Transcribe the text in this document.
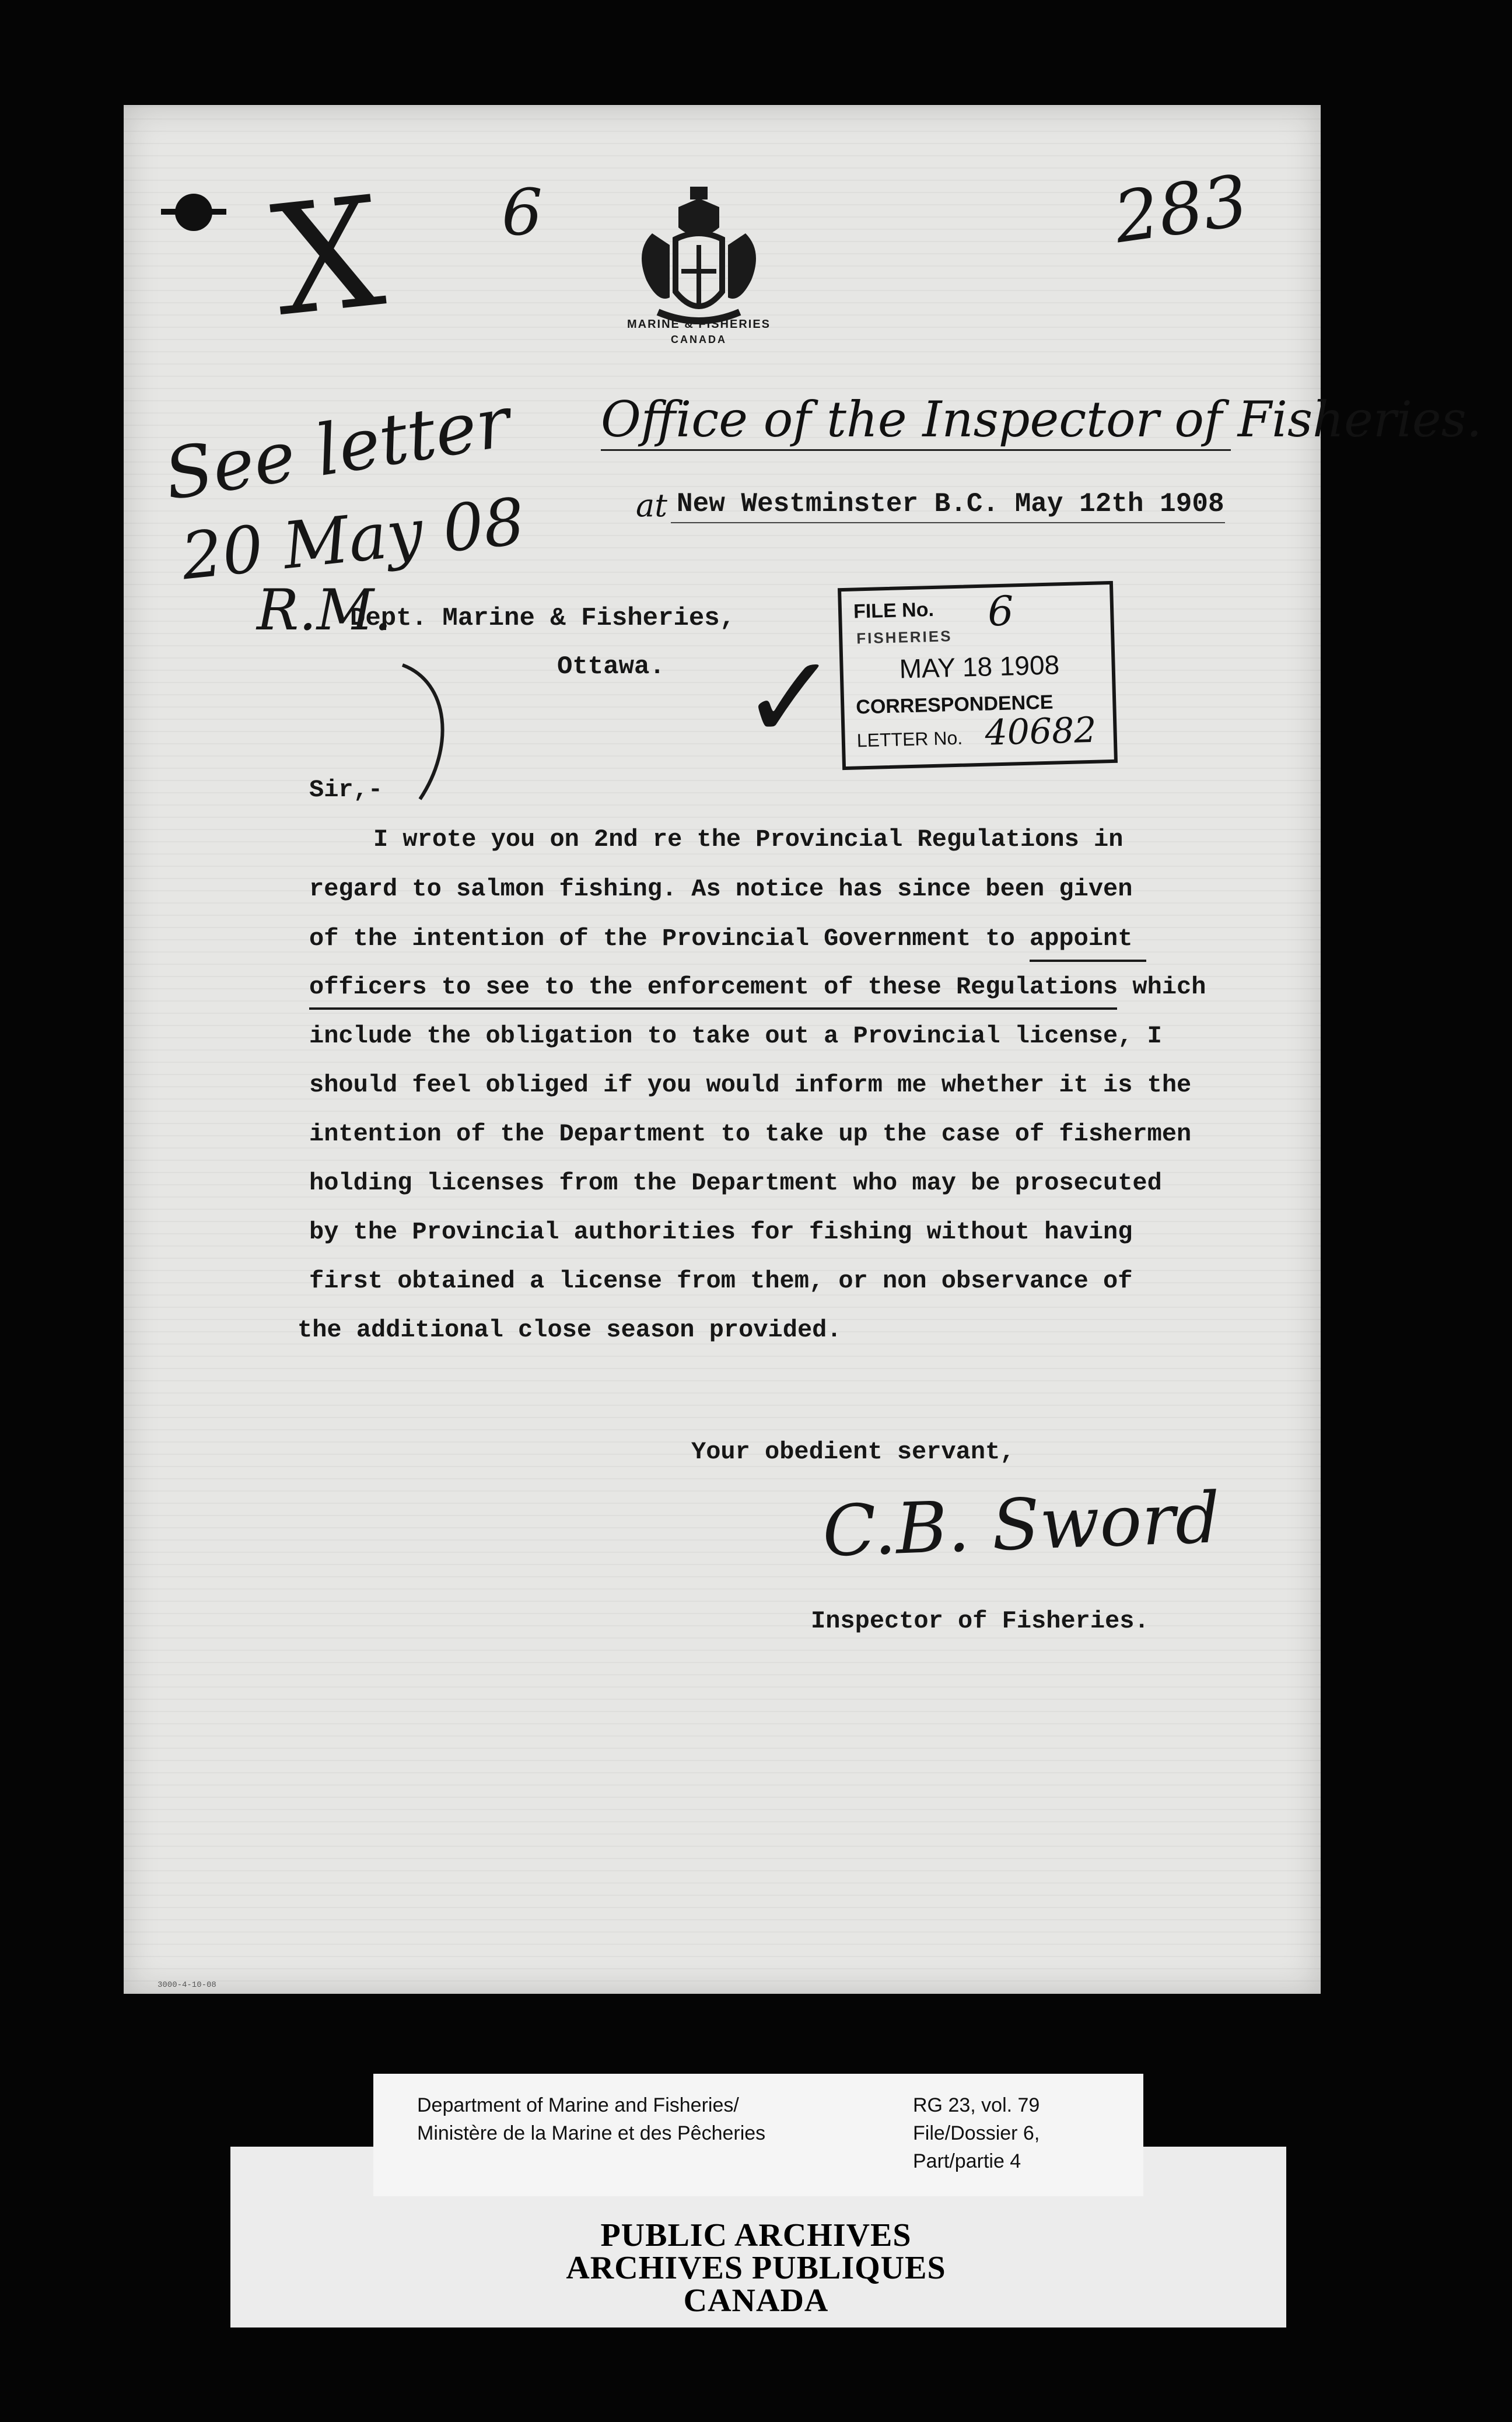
X 6	283
See letter
20 May 08
R.M.
✓
MARINE & FISHERIES
CANADA
Office of the Inspector of Fisheries.
at New Westminster B.C. May 12th 1908
Dept. Marine & Fisheries,
Ottawa.
FILE No. 6
FISHERIES
MAY 18 1908
CORRESPONDENCE
LETTER No. 40682
Sir,-
I wrote you on 2nd re the Provincial Regulations in
regard to salmon fishing. As notice has since been given
of the intention of the Provincial Government to appoint
officers to see to the enforcement of these Regulations which
include the obligation to take out a Provincial license, I
should feel obliged if you would inform me whether it is the
intention of the Department to take up the case of fishermen
holding licenses from the Department who may be prosecuted
by the Provincial authorities for fishing without having
first obtained a license from them, or non observance of
the additional close season provided.
Your obedient servant,
C.B. Sword
Inspector of Fisheries.
3000-4-10-08
Department of Marine and Fisheries/
Ministère de la Marine et des Pêcheries
RG 23, vol. 79
File/Dossier 6,
Part/partie 4
PUBLIC ARCHIVES
ARCHIVES PUBLIQUES
CANADA
